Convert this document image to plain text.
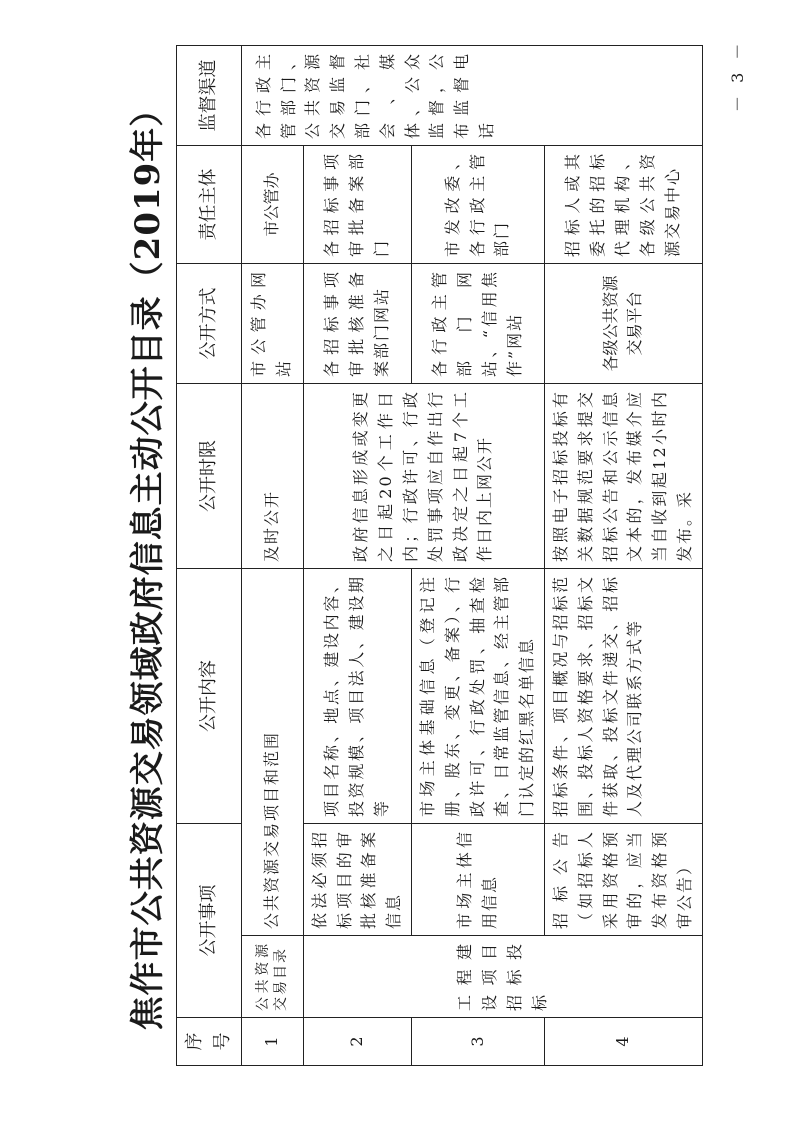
焦作市公共资源交易领域政府信息主动公开目录（2019年）
序号	公开事项		公开内容	公开时限	公开方式	责任主体	监督渠道
1	公共资源交易目录	公共资源交易项目和范围		及时公开	市公管办网站	市公管办	各行政主管部门、公共资源交易监督部门、社会、媒体、公众监督，公布监督电话
2	工程建设项目招标投标	依法必须招标项目的审批核准备案信息	项目名称、地点、建设内容、投资规模、项目法人、建设期等	政府信息形成或变更之日起20个工作日内；行政许可、行政处罚事项应自作出行政决定之日起7个工作日内上网公开	各招标事项审批核准备案部门网站	各招标事项审批备案部门	
3		市场主体信用信息	市场主体基础信息（登记注册、股东、变更、备案）、行政许可、行政处罚、抽查检查、日常监管信息、经主管部门认定的红黑名单信息		各行政主管部门网站、“信用焦作”网站	市发改委、各行政主管部门	
4		招标公告（如招标人采用资格预审的，应当发布资格预审公告）	招标条件、项目概况与招标范围、投标人资格要求、招标文件获取、投标文件递交、招标人及代理公司联系方式等	按照电子招标投标有关数据规范要求提交招标公告和公示信息文本的，发布媒介应当自收到起12小时内发布。采	各级公共资源交易平台	招标人或其委托的招标代理机构、各级公共资源交易中心	
－ 3 －
